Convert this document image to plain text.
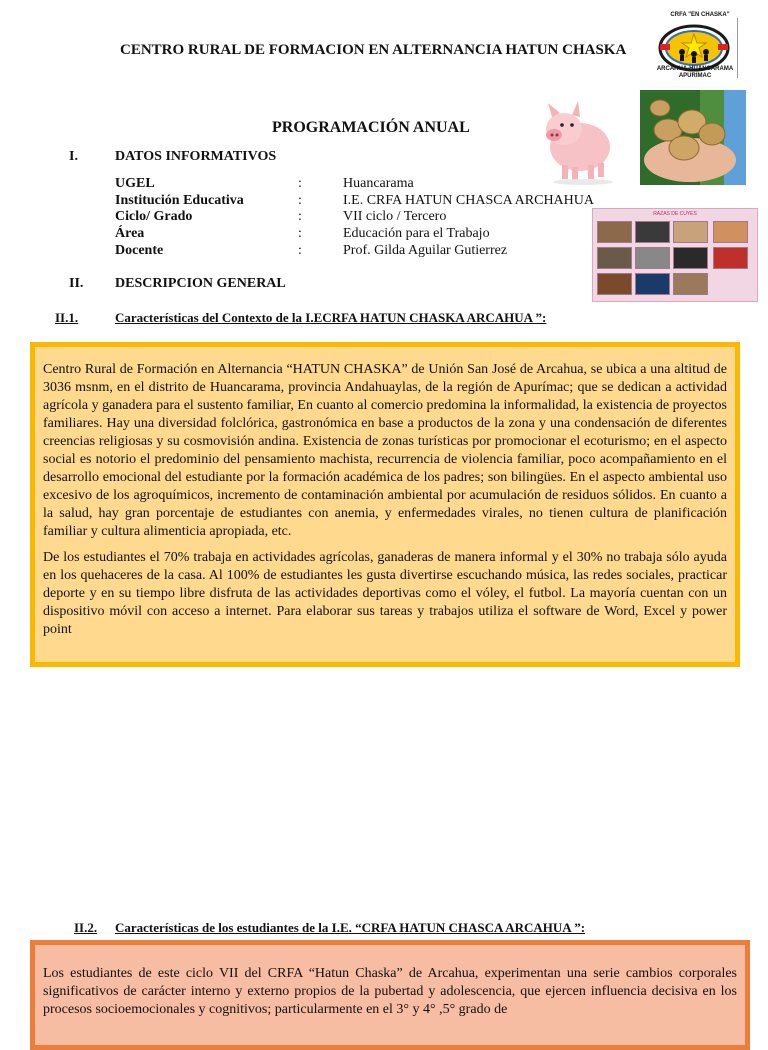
CENTRO RURAL DE FORMACION EN ALTERNANCIA HATUN CHASKA
CRFA "EN CHASKA"
ARCAHUA-HUANCARAMA APURIMAC
RAZAS DE CUYES
PROGRAMACIÓN ANUAL
I.	DATOS INFORMATIVOS
UGEL	:	Huancarama
Institución Educativa	:	I.E. CRFA HATUN CHASCA ARCHAHUA
Ciclo/ Grado	:	VII ciclo / Tercero
Área	:	Educación para el Trabajo
Docente	:	Prof. Gilda Aguilar Gutierrez
II. DESCRIPCION GENERAL
II.1.	Características del Contexto de la I.ECRFA HATUN CHASKA ARCAHUA ”:

Centro Rural de Formación en Alternancia “HATUN CHASKA” de Unión San José de Arcahua, se ubica a una altitud de 3036 msnm, en el distrito de Huancarama, provincia Andahuaylas, de la región de Apurímac; que se dedican a actividad agrícola y ganadera para el sustento familiar, En cuanto al comercio predomina la informalidad, la existencia de proyectos familiares. Hay una diversidad folclórica, gastronómica en base a productos de la zona y una condensación de diferentes creencias religiosas y su cosmovisión andina. Existencia de zonas turísticas por promocionar el ecoturismo; en el aspecto social es notorio el predominio del pensamiento machista, recurrencia de violencia familiar, poco acompañamiento en el desarrollo emocional del estudiante por la formación académica de los padres; son bilingües. En el aspecto ambiental uso excesivo de los agroquímicos, incremento de contaminación ambiental por acumulación de residuos sólidos. En cuanto a la salud, hay gran porcentaje de estudiantes con anemia, y enfermedades virales, no tienen cultura de planificación familiar y cultura alimenticia apropiada, etc.

De los estudiantes el 70% trabaja en actividades agrícolas, ganaderas de manera informal y el 30% no trabaja sólo ayuda en los quehaceres de la casa. Al 100% de estudiantes les gusta divertirse escuchando música, las redes sociales, practicar deporte y en su tiempo libre disfruta de las actividades deportivas como el vóley, el futbol. La mayoría cuentan con un dispositivo móvil con acceso a internet. Para elaborar sus tareas y trabajos utiliza el software de Word, Excel y power point

II.2. Características de los estudiantes de la I.E. “CRFA HATUN CHASCA ARCAHUA ”:

Los estudiantes de este ciclo VII del CRFA “Hatun Chaska” de Arcahua, experimentan una serie cambios corporales significativos de carácter interno y externo propios de la pubertad y adolescencia, que ejercen influencia decisiva en los procesos socioemocionales y cognitivos; particularmente en el 3° y 4° ,5° grado de
